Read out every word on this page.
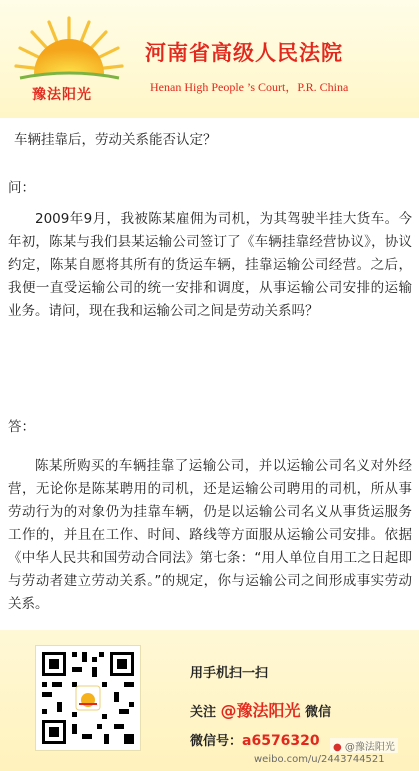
豫法阳光
河南省高级人民法院
Henan High People ’s Court，P.R. China
车辆挂靠后，劳动关系能否认定？
问：
2009年9月，我被陈某雇佣为司机，为其驾驶半挂大货车。今年初，陈某与我们县某运输公司签订了《车辆挂靠经营协议》，协议约定，陈某自愿将其所有的货运车辆，挂靠运输公司经营。之后，我便一直受运输公司的统一安排和调度，从事运输公司安排的运输业务。请问，现在我和运输公司之间是劳动关系吗？
答：
陈某所购买的车辆挂靠了运输公司，并以运输公司名义对外经营，无论你是陈某聘用的司机，还是运输公司聘用的司机，所从事劳动行为的对象仍为挂靠车辆，仍是以运输公司名义从事货运服务工作的，并且在工作、时间、路线等方面服从运输公司安排。依据《中华人民共和国劳动合同法》第七条：“用人单位自用工之日起即与劳动者建立劳动关系。”的规定，你与运输公司之间形成事实劳动关系。
用手机扫一扫
关注 @豫法阳光 微信
微信号：a6576320	● @豫法阳光
weibo.com/u/2443744521
